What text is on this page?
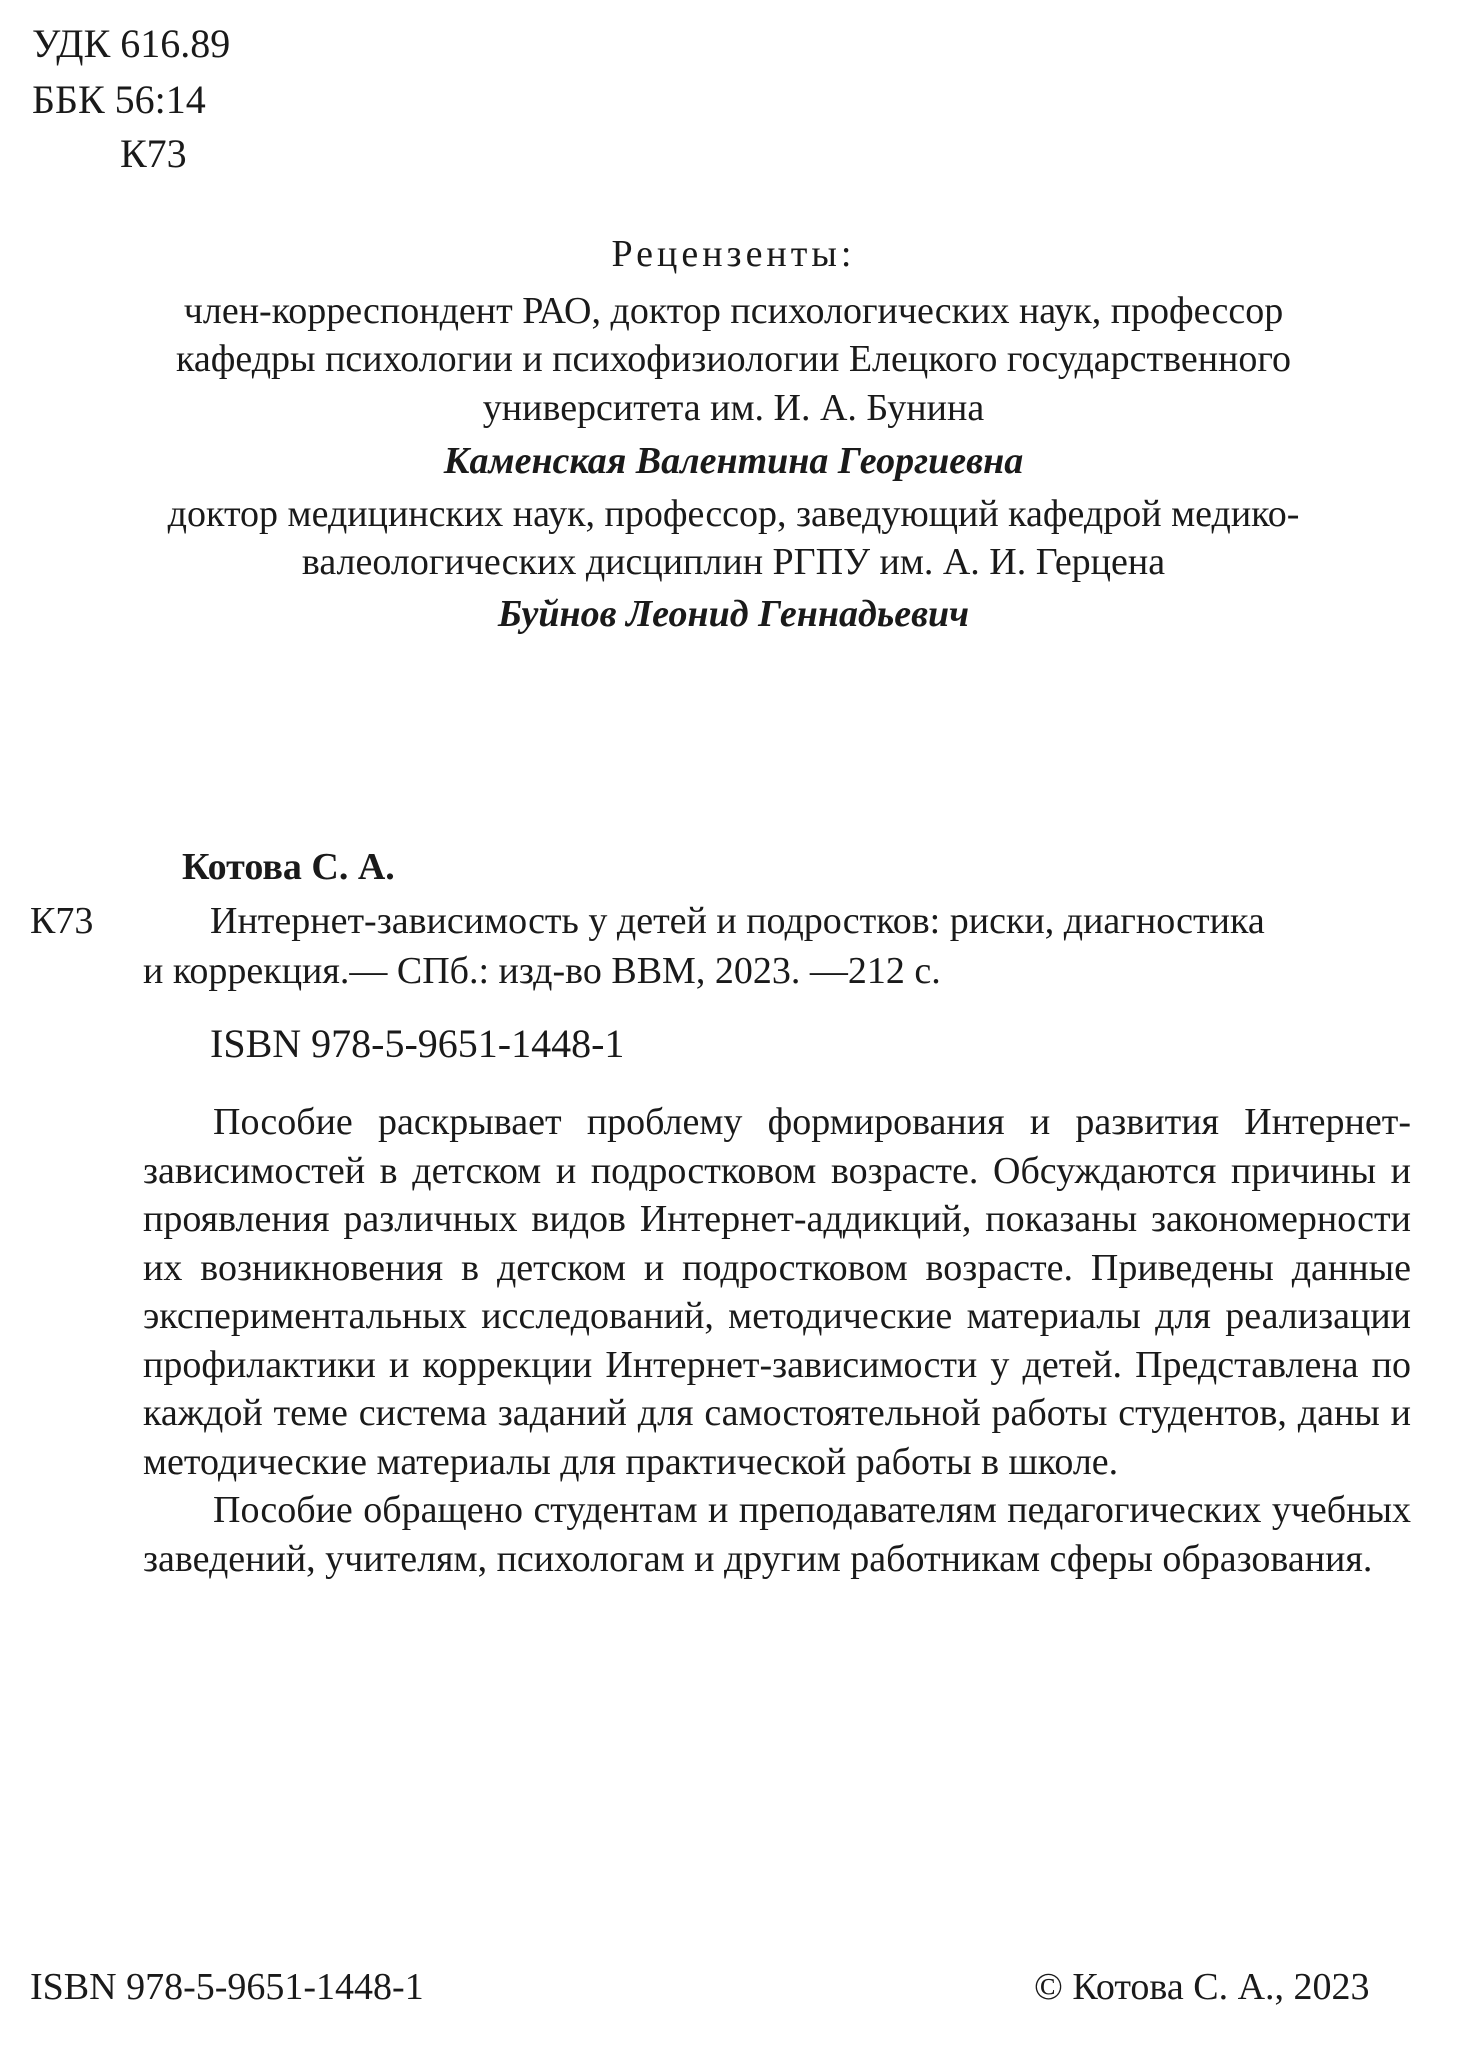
УДК 616.89
ББК 56:14
К73
Рецензенты:
член-корреспондент РАО, доктор психологических наук, профессор
кафедры психологии и психофизиологии Елецкого государственного
университета им. И. А. Бунина
Каменская Валентина Георгиевна
доктор медицинских наук, профессор, заведующий кафедрой медико-
валеологических дисциплин РГПУ им. А. И. Герцена
Буйнов Леонид Геннадьевич
Котова С. А.
К73	Интернет-зависимость у детей и подростков: риски, диагностика
и коррекция.— СПб.: изд-во ВВМ, 2023. —212 с.
ISBN 978-5-9651-1448-1

Пособие раскрывает проблему формирования и развития Интернет-зависимостей в детском и подростковом возрасте. Обсуждаются причины и проявления различных видов Интернет-аддикций, показаны закономерности их возникновения в детском и подростковом возрасте. Приведены данные экспериментальных исследований, методические материалы для реализации профилактики и коррекции Интернет-зависимости у детей. Представлена по каждой теме система заданий для самостоятельной работы студентов, даны и методические материалы для практической работы в школе.

Пособие обращено студентам и преподавателям педагогических учебных заведений, учителям, психологам и другим работникам сферы образования.

ISBN 978-5-9651-1448-1	© Котова С. А., 2023
